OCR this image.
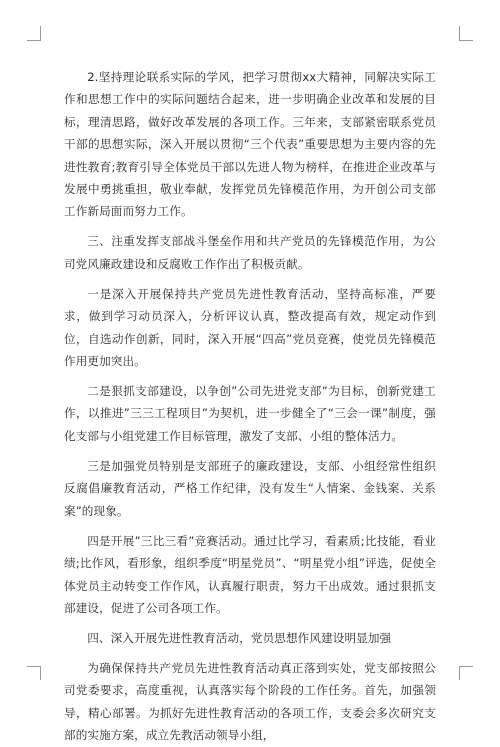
2.坚持理论联系实际的学风，把学习贯彻xx大精神，同解决实际工作和思想工作中的实际问题结合起来，进一步明确企业改革和发展的目标，理清思路，做好改革发展的各项工作。三年来，支部紧密联系党员干部的思想实际，深入开展以贯彻“三个代表”重要思想为主要内容的先进性教育;教育引导全体党员干部以先进人物为榜样，在推进企业改革与发展中勇挑重担，敬业奉献，发挥党员先锋模范作用，为开创公司支部工作新局面而努力工作。

三、注重发挥支部战斗堡垒作用和共产党员的先锋模范作用，为公司党风廉政建设和反腐败工作作出了积极贡献。

一是深入开展保持共产党员先进性教育活动，坚持高标准，严要求，做到学习动员深入，分析评议认真，整改提高有效，规定动作到位，自选动作创新，同时，深入开展“四高”党员竞赛，使党员先锋模范作用更加突出。

二是狠抓支部建设，以争创”公司先进党支部”为目标，创新党建工作，以推进”三三工程项目”为契机，进一步健全了“三会一课”制度，强化支部与小组党建工作目标管理，激发了支部、小组的整体活力。

三是加强党员特别是支部班子的廉政建设，支部、小组经常性组织反腐倡廉教育活动，严格工作纪律，没有发生“人情案、金钱案、关系案”的现象。

四是开展”三比三看”竞赛活动。通过比学习，看素质;比技能，看业绩;比作风，看形象，组织季度“明星党员”、“明星党小组”评选，促使全体党员主动转变工作作风，认真履行职责，努力干出成效。通过狠抓支部建设，促进了公司各项工作。

四、深入开展先进性教育活动，党员思想作风建设明显加强

为确保保持共产党员先进性教育活动真正落到实处，党支部按照公司党委要求，高度重视，认真落实每个阶段的工作任务。首先，加强领导，精心部署。为抓好先进性教育活动的各项工作，支委会多次研究支部的实施方案，成立先教活动领导小组，
